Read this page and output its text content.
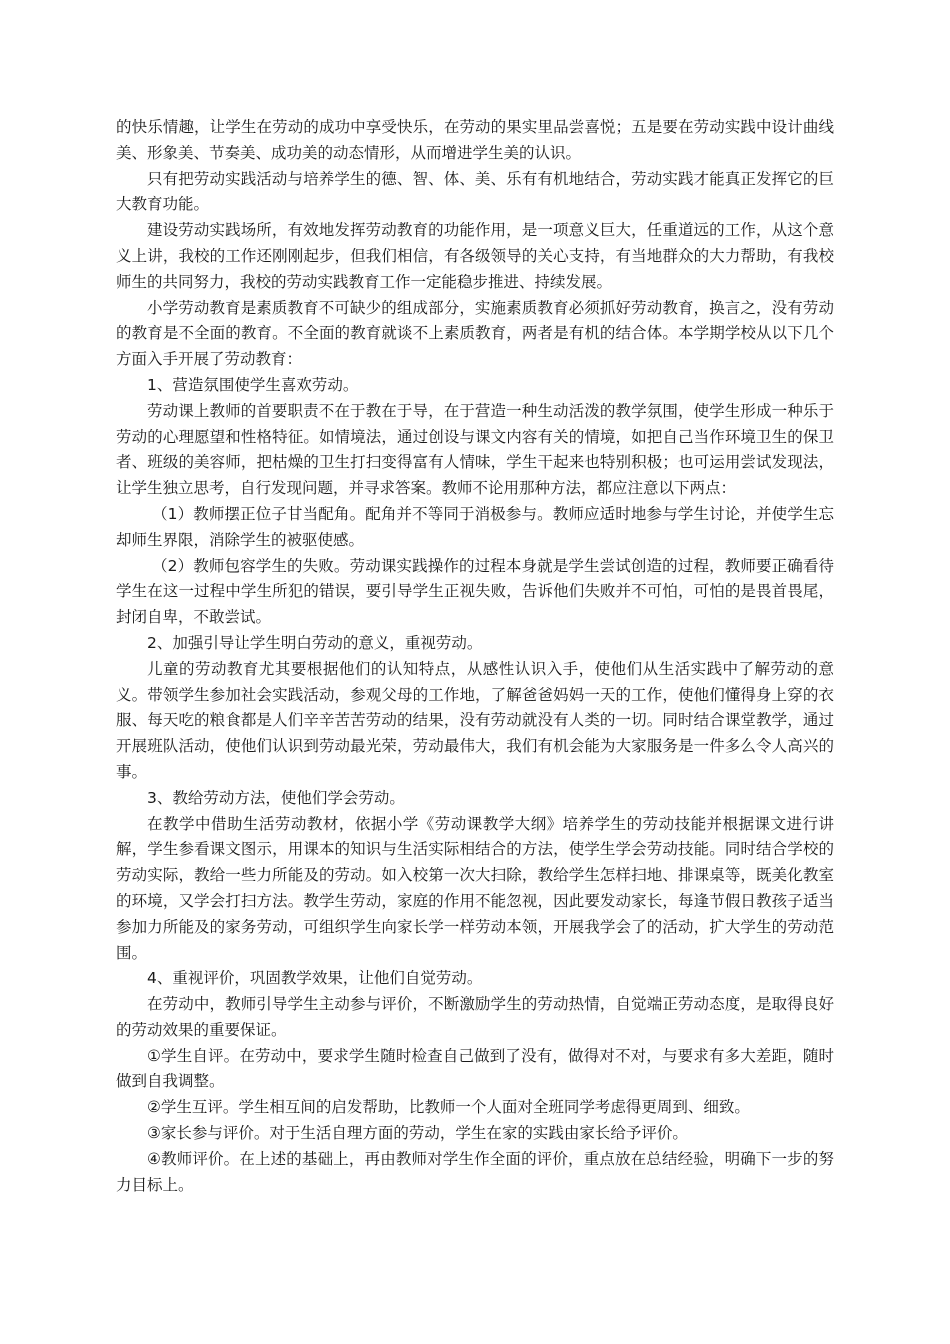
的快乐情趣，让学生在劳动的成功中享受快乐，在劳动的果实里品尝喜悦；五是要在劳动实践中设计曲线美、形象美、节奏美、成功美的动态情形，从而增进学生美的认识。

只有把劳动实践活动与培养学生的德、智、体、美、乐有有机地结合，劳动实践才能真正发挥它的巨大教育功能。

建设劳动实践场所，有效地发挥劳动教育的功能作用，是一项意义巨大，任重道远的工作，从这个意义上讲，我校的工作还刚刚起步，但我们相信，有各级领导的关心支持，有当地群众的大力帮助，有我校师生的共同努力，我校的劳动实践教育工作一定能稳步推进、持续发展。

小学劳动教育是素质教育不可缺少的组成部分，实施素质教育必须抓好劳动教育，换言之，没有劳动的教育是不全面的教育。不全面的教育就谈不上素质教育，两者是有机的结合体。本学期学校从以下几个方面入手开展了劳动教育：

1、营造氛围使学生喜欢劳动。

劳动课上教师的首要职责不在于教在于导，在于营造一种生动活泼的教学氛围，使学生形成一种乐于劳动的心理愿望和性格特征。如情境法，通过创设与课文内容有关的情境，如把自己当作环境卫生的保卫者、班级的美容师，把枯燥的卫生打扫变得富有人情味，学生干起来也特别积极；也可运用尝试发现法，让学生独立思考，自行发现问题，并寻求答案。教师不论用那种方法，都应注意以下两点：

（1）教师摆正位子甘当配角。配角并不等同于消极参与。教师应适时地参与学生讨论，并使学生忘却师生界限，消除学生的被驱使感。

（2）教师包容学生的失败。劳动课实践操作的过程本身就是学生尝试创造的过程，教师要正确看待学生在这一过程中学生所犯的错误，要引导学生正视失败，告诉他们失败并不可怕，可怕的是畏首畏尾，封闭自卑，不敢尝试。

2、加强引导让学生明白劳动的意义，重视劳动。

儿童的劳动教育尤其要根据他们的认知特点，从感性认识入手，使他们从生活实践中了解劳动的意义。带领学生参加社会实践活动，参观父母的工作地，了解爸爸妈妈一天的工作，使他们懂得身上穿的衣服、每天吃的粮食都是人们辛辛苦苦劳动的结果，没有劳动就没有人类的一切。同时结合课堂教学，通过开展班队活动，使他们认识到劳动最光荣，劳动最伟大，我们有机会能为大家服务是一件多么令人高兴的事。

3、教给劳动方法，使他们学会劳动。

在教学中借助生活劳动教材，依据小学《劳动课教学大纲》培养学生的劳动技能并根据课文进行讲解，学生参看课文图示，用课本的知识与生活实际相结合的方法，使学生学会劳动技能。同时结合学校的劳动实际，教给一些力所能及的劳动。如入校第一次大扫除，教给学生怎样扫地、排课桌等，既美化教室的环境，又学会打扫方法。教学生劳动，家庭的作用不能忽视，因此要发动家长，每逢节假日教孩子适当参加力所能及的家务劳动，可组织学生向家长学一样劳动本领，开展我学会了的活动，扩大学生的劳动范围。

4、重视评价，巩固教学效果，让他们自觉劳动。

在劳动中，教师引导学生主动参与评价，不断激励学生的劳动热情，自觉端正劳动态度，是取得良好的劳动效果的重要保证。

①学生自评。在劳动中，要求学生随时检查自己做到了没有，做得对不对，与要求有多大差距，随时做到自我调整。

②学生互评。学生相互间的启发帮助，比教师一个人面对全班同学考虑得更周到、细致。

③家长参与评价。对于生活自理方面的劳动，学生在家的实践由家长给予评价。

④教师评价。在上述的基础上，再由教师对学生作全面的评价，重点放在总结经验，明确下一步的努力目标上。
